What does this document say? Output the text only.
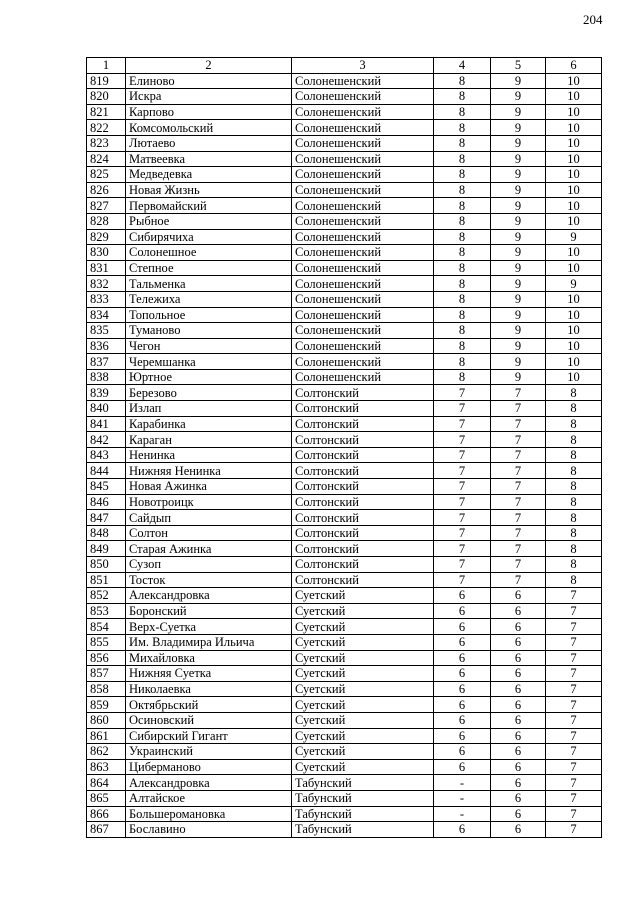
204
1	2	3	4	5	6
819	Елиново	Солонешенский	8	9	10
820	Искра	Солонешенский	8	9	10
821	Карпово	Солонешенский	8	9	10
822	Комсомольский	Солонешенский	8	9	10
823	Лютаево	Солонешенский	8	9	10
824	Матвеевка	Солонешенский	8	9	10
825	Медведевка	Солонешенский	8	9	10
826	Новая Жизнь	Солонешенский	8	9	10
827	Первомайский	Солонешенский	8	9	10
828	Рыбное	Солонешенский	8	9	10
829	Сибирячиха	Солонешенский	8	9	9
830	Солонешное	Солонешенский	8	9	10
831	Степное	Солонешенский	8	9	10
832	Тальменка	Солонешенский	8	9	9
833	Тележиха	Солонешенский	8	9	10
834	Топольное	Солонешенский	8	9	10
835	Туманово	Солонешенский	8	9	10
836	Чегон	Солонешенский	8	9	10
837	Черемшанка	Солонешенский	8	9	10
838	Юртное	Солонешенский	8	9	10
839	Березово	Солтонский	7	7	8
840	Излап	Солтонский	7	7	8
841	Карабинка	Солтонский	7	7	8
842	Караган	Солтонский	7	7	8
843	Ненинка	Солтонский	7	7	8
844	Нижняя Ненинка	Солтонский	7	7	8
845	Новая Ажинка	Солтонский	7	7	8
846	Новотроицк	Солтонский	7	7	8
847	Сайдып	Солтонский	7	7	8
848	Солтон	Солтонский	7	7	8
849	Старая Ажинка	Солтонский	7	7	8
850	Сузоп	Солтонский	7	7	8
851	Тосток	Солтонский	7	7	8
852	Александровка	Суетский	6	6	7
853	Боронский	Суетский	6	6	7
854	Верх-Суетка	Суетский	6	6	7
855	Им. Владимира Ильича	Суетский	6	6	7
856	Михайловка	Суетский	6	6	7
857	Нижняя Суетка	Суетский	6	6	7
858	Николаевка	Суетский	6	6	7
859	Октябрьский	Суетский	6	6	7
860	Осиновский	Суетский	6	6	7
861	Сибирский Гигант	Суетский	6	6	7
862	Украинский	Суетский	6	6	7
863	Циберманово	Суетский	6	6	7
864	Александровка	Табунский	-	6	7
865	Алтайское	Табунский	-	6	7
866	Большеромановка	Табунский	-	6	7
867	Бославино	Табунский	6	6	7
